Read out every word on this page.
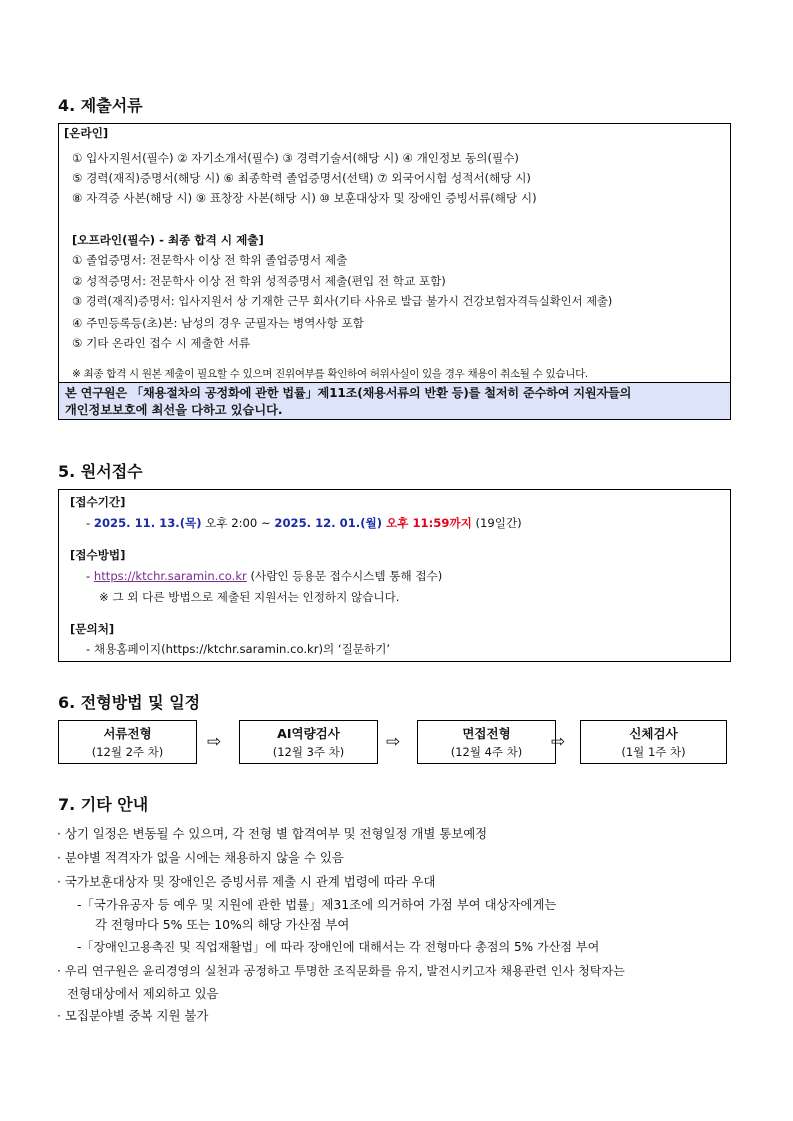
4. 제출서류
[온라인]
① 입사지원서(필수) ② 자기소개서(필수) ③ 경력기술서(해당 시) ④ 개인정보 동의(필수)
⑤ 경력(재직)증명서(해당 시) ⑥ 최종학력 졸업증명서(선택) ⑦ 외국어시험 성적서(해당 시)
⑧ 자격증 사본(해당 시) ⑨ 표창장 사본(해당 시) ⑩ 보훈대상자 및 장애인 증빙서류(해당 시)
[오프라인(필수) - 최종 합격 시 제출]
① 졸업증명서: 전문학사 이상 전 학위 졸업증명서 제출
② 성적증명서: 전문학사 이상 전 학위 성적증명서 제출(편입 전 학교 포함)
③ 경력(재직)증명서: 입사지원서 상 기재한 근무 회사(기타 사유로 발급 불가시 건강보험자격득실확인서 제출)
④ 주민등록등(초)본: 남성의 경우 군필자는 병역사항 포함
⑤ 기타 온라인 접수 시 제출한 서류
※ 최종 합격 시 원본 제출이 필요할 수 있으며 진위여부를 확인하여 허위사실이 있을 경우 채용이 취소될 수 있습니다.
본 연구원은 「채용절차의 공정화에 관한 법률」제11조(채용서류의 반환 등)를 철저히 준수하여 지원자들의
개인정보보호에 최선을 다하고 있습니다.
5. 원서접수
[접수기간]
- 2025. 11. 13.(목) 오후 2:00 ~ 2025. 12. 01.(월) 오후 11:59까지 (19일간)
[접수방법]
- https://ktchr.saramin.co.kr (사람인 등용문 접수시스템 통해 접수)
※ 그 외 다른 방법으로 제출된 지원서는 인정하지 않습니다.
[문의처]
- 채용홈페이지(https://ktchr.saramin.co.kr)의 ‘질문하기’
6. 전형방법 및 일정
서류전형
(12월 2주 차)	⇨	AI역량검사
(12월 3주 차)	⇨	면접전형
(12월 4주 차)	⇨	신체검사
(1월 1주 차)
7. 기타 안내
· 상기 일정은 변동될 수 있으며, 각 전형 별 합격여부 및 전형일정 개별 통보예정
· 분야별 적격자가 없을 시에는 채용하지 않을 수 있음
· 국가보훈대상자 및 장애인은 증빙서류 제출 시 관계 법령에 따라 우대
-「국가유공자 등 예우 및 지원에 관한 법률」제31조에 의거하여 가점 부여 대상자에게는
각 전형마다 5% 또는 10%의 해당 가산점 부여
-「장애인고용촉진 및 직업재활법」에 따라 장애인에 대해서는 각 전형마다 총점의 5% 가산점 부여
· 우리 연구원은 윤리경영의 실천과 공정하고 투명한 조직문화를 유지, 발전시키고자 채용관련 인사 청탁자는
전형대상에서 제외하고 있음
· 모집분야별 중복 지원 불가
